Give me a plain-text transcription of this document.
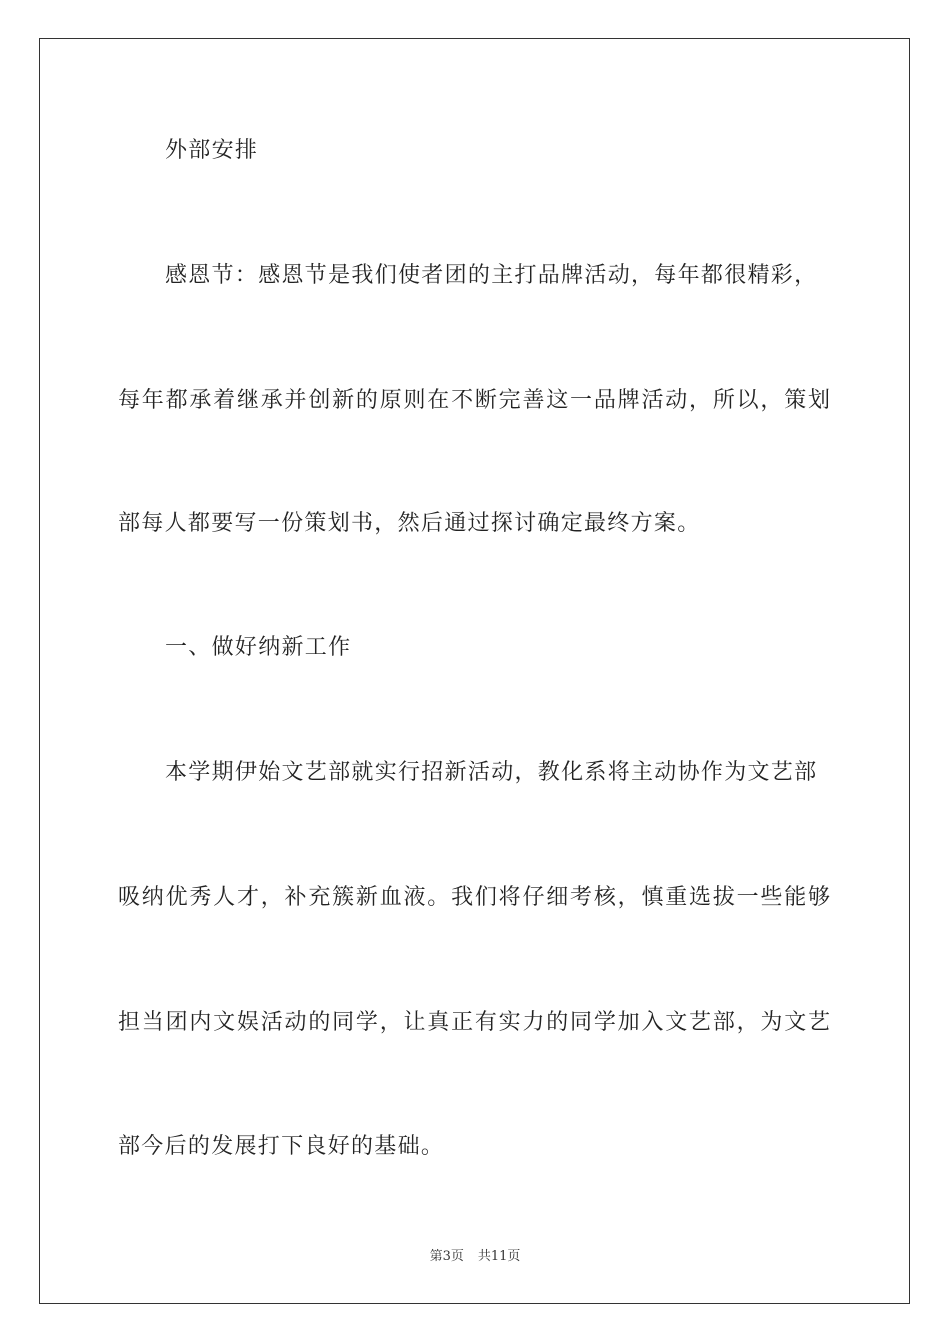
外部安排
感恩节：感恩节是我们使者团的主打品牌活动，每年都很精彩，
每年都承着继承并创新的原则在不断完善这一品牌活动，所以，策划
部每人都要写一份策划书，然后通过探讨确定最终方案。
一、做好纳新工作
本学期伊始文艺部就实行招新活动，教化系将主动协作为文艺部
吸纳优秀人才，补充簇新血液。我们将仔细考核，慎重选拔一些能够
担当团内文娱活动的同学，让真正有实力的同学加入文艺部，为文艺
部今后的发展打下良好的基础。
第3页 共11页
